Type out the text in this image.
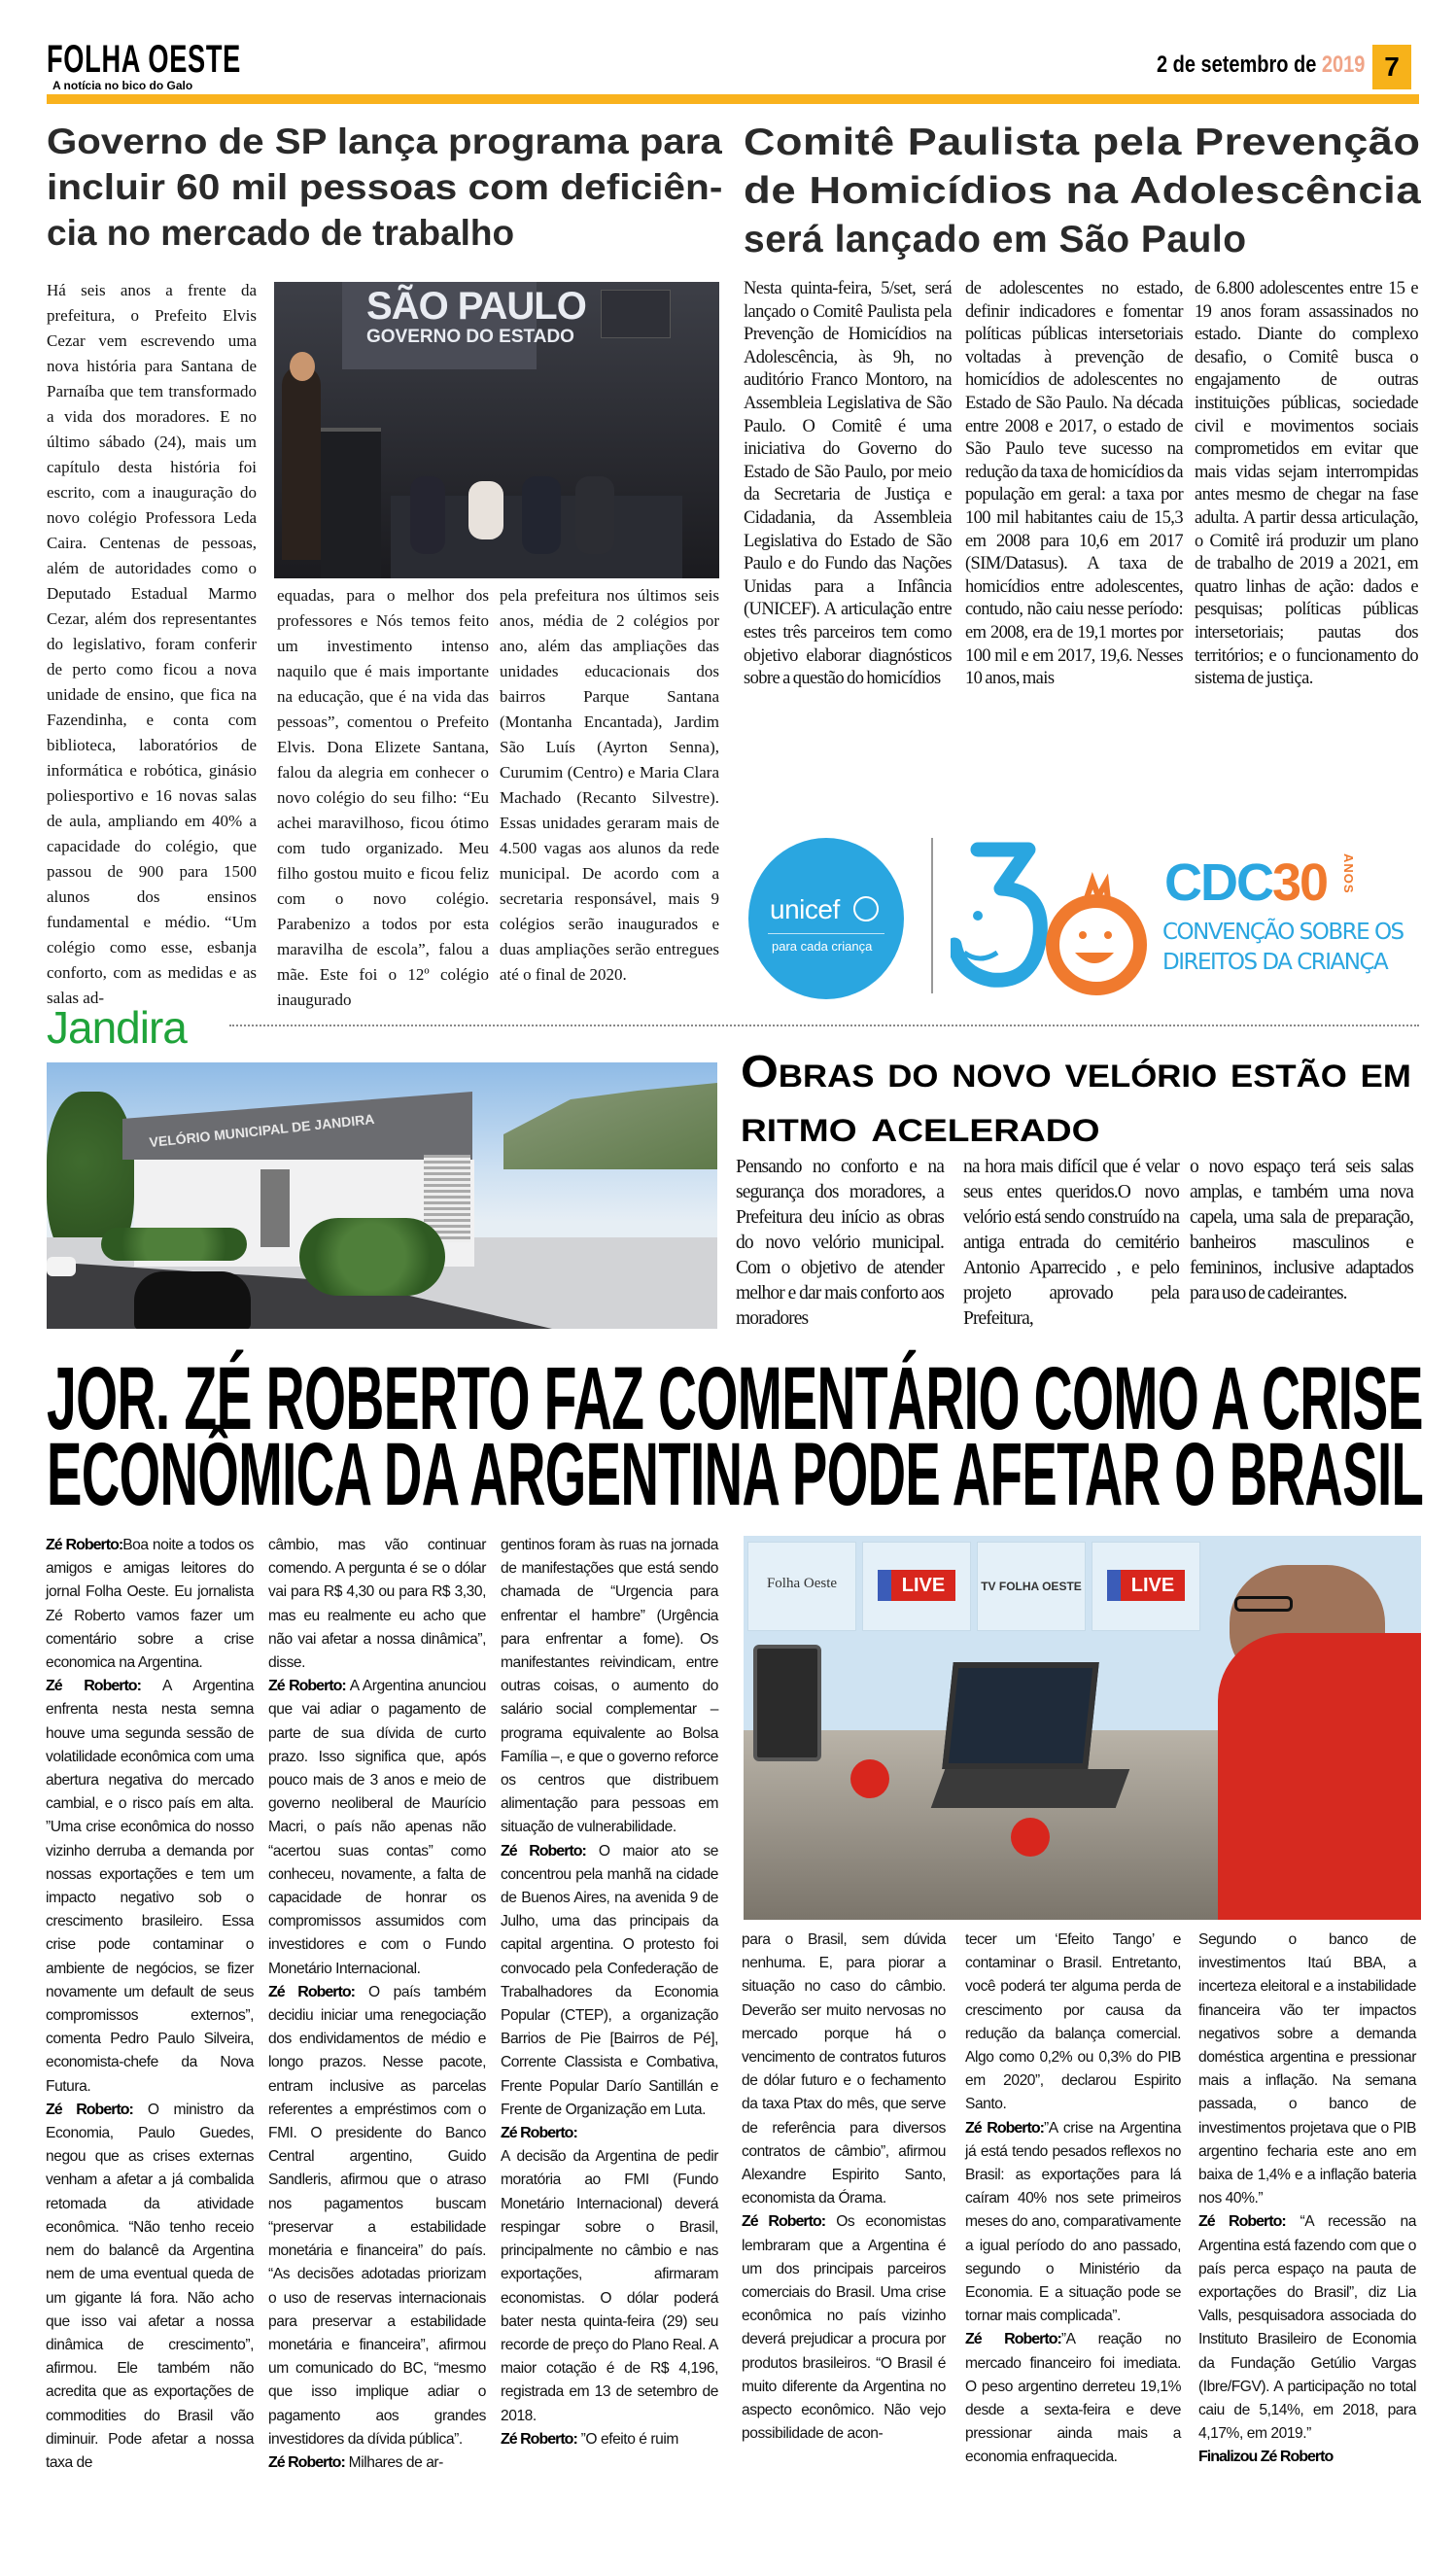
FOLHA OESTE
A notícia no bico do Galo
2 de setembro de 2019 7
Governo de SP lança programa para
incluir 60 mil pessoas com deficiên-
cia no mercado de trabalho
Há seis anos a frente da prefeitura, o Prefeito Elvis Cezar vem escrevendo uma nova história para Santana de Parnaíba que tem transformado a vida dos moradores. E no último sábado (24), mais um capítulo desta história foi escrito, com a inauguração do novo colégio Professora Leda Caira. Centenas de pessoas, além de autoridades como o Deputado Estadual Marmo Cezar, além dos representantes do legislativo, foram conferir de perto como ficou a nova unidade de ensino, que fica na Fazendinha, e conta com biblioteca, laboratórios de informática e robótica, ginásio poliesportivo e 16 novas salas de aula, ampliando em 40% a capacidade do colégio, que passou de 900 para 1500 alunos dos ensinos fundamental e médio. “Um colégio como esse, esbanja conforto, com as medidas e as salas ad-
SÃO PAULO
GOVERNO DO ESTADO
equadas, para o melhor dos professores e Nós temos feito um investimento intenso naquilo que é mais importante na educação, que é na vida das pessoas”, comentou o Prefeito Elvis. Dona Elizete Santana, falou da alegria em conhecer o novo colégio do seu filho: “Eu achei maravilhoso, ficou ótimo com tudo organizado. Meu filho gostou muito e ficou feliz com o novo colégio. Parabenizo a todos por esta maravilha de escola”, falou a mãe. Este foi o 12º colégio inaugurado
pela prefeitura nos últimos seis anos, média de 2 colégios por ano, além das ampliações das unidades educacionais dos bairros Parque Santana (Montanha Encantada), Jardim São Luís (Ayrton Senna), Curumim (Centro) e Maria Clara Machado (Recanto Silvestre). Essas unidades geraram mais de 4.500 vagas aos alunos da rede municipal. De acordo com a secretaria responsável, mais 9 colégios serão inaugurados e duas ampliações serão entregues até o final de 2020.
Comitê Paulista pela Prevenção
de Homicídios na Adolescência
será lançado em São Paulo
Nesta quinta-feira, 5/set, será lançado o Comitê Paulista pela Prevenção de Homicídios na Adolescência, às 9h, no auditório Franco Montoro, na Assembleia Legislativa de São Paulo. O Comitê é uma iniciativa do Governo do Estado de São Paulo, por meio da Secretaria de Justiça e Cidadania, da Assembleia Legislativa do Estado de São Paulo e do Fundo das Nações Unidas para a Infância (UNICEF). A articulação entre estes três parceiros tem como objetivo elaborar diagnósticos sobre a questão do homicídios
de adolescentes no estado, definir indicadores e fomentar políticas públicas intersetoriais voltadas à prevenção de homicídios de adolescentes no Estado de São Paulo. Na década entre 2008 e 2017, o estado de São Paulo teve sucesso na redução da taxa de homicídios da população em geral: a taxa por 100 mil habitantes caiu de 15,3 em 2008 para 10,6 em 2017 (SIM/Datasus). A taxa de homicídios entre adolescentes, contudo, não caiu nesse período: em 2008, era de 19,1 mortes por 100 mil e em 2017, 19,6. Nesses 10 anos, mais
de 6.800 adolescentes entre 15 e 19 anos foram assassinados no estado. Diante do complexo desafio, o Comitê busca o engajamento de outras instituições públicas, sociedade civil e movimentos sociais comprometidos em evitar que mais vidas sejam interrompidas antes mesmo de chegar na fase adulta. A partir dessa articulação, o Comitê irá produzir um plano de trabalho de 2019 a 2021, em quatro linhas de ação: dados e pesquisas; políticas públicas intersetoriais; pautas dos territórios; e o funcionamento do sistema de justiça.
unicef
para cada criança
CDC30 ANOS
CONVENÇÃO SOBRE OS
DIREITOS DA CRIANÇA
Jandira
VELÓRIO MUNICIPAL DE JANDIRA
Obras do novo velório estão em
ritmo acelerado
Pensando no conforto e na segurança dos moradores, a Prefeitura deu início as obras do novo velório municipal. Com o objetivo de atender melhor e dar mais conforto aos moradores
na hora mais difícil que é velar seus entes queridos.O novo velório está sendo construído na antiga entrada do cemitério Antonio Aparrecido , e pelo projeto aprovado pela Prefeitura,
o novo espaço terá seis salas amplas, e também uma nova capela, uma sala de preparação, banheiros masculinos e femininos, inclusive adaptados para uso de cadeirantes.
JOR. ZÉ ROBERTO FAZ COMENTÁRIO COMO A CRISE
ECONÔMICA DA ARGENTINA PODE AFETAR O BRASIL

Zé Roberto:Boa noite a todos os amigos e amigas leitores do jornal Folha Oeste. Eu jornalista Zé Roberto vamos fazer um comentário sobre a crise economica na Argentina.

Zé Roberto: A Argentina enfrenta nesta nesta semna houve uma segunda sessão de volatilidade econômica com uma abertura negativa do mercado cambial, e o risco país em alta. ”Uma crise econômica do nosso vizinho derruba a demanda por nossas exportações e tem um impacto negativo sob o crescimento brasileiro. Essa crise pode contaminar o ambiente de negócios, se fizer novamente um default de seus compromissos externos”, comenta Pedro Paulo Silveira, economista-chefe da Nova Futura.

Zé Roberto: O ministro da Economia, Paulo Guedes, negou que as crises externas venham a afetar a já combalida retomada da atividade econômica. “Não tenho receio nem do balancê da Argentina nem de uma eventual queda de um gigante lá fora. Não acho que isso vai afetar a nossa dinâmica de crescimento”, afirmou. Ele também não acredita que as exportações de commodities do Brasil vão diminuir. Pode afetar a nossa taxa de

câmbio, mas vão continuar comendo. A pergunta é se o dólar vai para R$ 4,30 ou para R$ 3,30, mas eu realmente eu acho que não vai afetar a nossa dinâmica”, disse.

Zé Roberto: A Argentina anunciou que vai adiar o pagamento de parte de sua dívida de curto prazo. Isso significa que, após pouco mais de 3 anos e meio de governo neoliberal de Maurício Macri, o país não apenas não “acertou suas contas” como conheceu, novamente, a falta de capacidade de honrar os compromissos assumidos com investidores e com o Fundo Monetário Internacional.

Zé Roberto: O país também decidiu iniciar uma renegociação dos endividamentos de médio e longo prazos. Nesse pacote, entram inclusive as parcelas referentes a empréstimos com o FMI. O presidente do Banco Central argentino, Guido Sandleris, afirmou que o atraso nos pagamentos buscam “preservar a estabilidade monetária e financeira” do país. “As decisões adotadas priorizam o uso de reservas internacionais para preservar a estabilidade monetária e financeira”, afirmou um comunicado do BC, “mesmo que isso implique adiar o pagamento aos grandes investidores da dívida pública”.

Zé Roberto: Milhares de ar-

gentinos foram às ruas na jornada de manifestações que está sendo chamada de “Urgencia para enfrentar el hambre” (Urgência para enfrentar a fome). Os manifestantes reivindicam, entre outras coisas, o aumento do salário social complementar – programa equivalente ao Bolsa Família –, e que o governo reforce os centros que distribuem alimentação para pessoas em situação de vulnerabilidade.

Zé Roberto: O maior ato se concentrou pela manhã na cidade de Buenos Aires, na avenida 9 de Julho, uma das principais da capital argentina. O protesto foi convocado pela Confederação de Trabalhadores da Economia Popular (CTEP), a organização Barrios de Pie [Bairros de Pé], Corrente Classista e Combativa, Frente Popular Darío Santillán e Frente de Organização em Luta.

Zé Roberto:

A decisão da Argentina de pedir moratória ao FMI (Fundo Monetário Internacional) deverá respingar sobre o Brasil, principalmente no câmbio e nas exportações, afirmaram economistas. O dólar poderá bater nesta quinta-feira (29) seu recorde de preço do Plano Real. A maior cotação é de R$ 4,196, registrada em 13 de setembro de 2018.

Zé Roberto: ”O efeito é ruim

Folha Oeste	LIVE	TV FOLHA OESTE	LIVE

para o Brasil, sem dúvida nenhuma. E, para piorar a situação no caso do câmbio. Deverão ser muito nervosas no mercado porque há o vencimento de contratos futuros de dólar futuro e o fechamento da taxa Ptax do mês, que serve de referência para diversos contratos de câmbio”, afirmou Alexandre Espirito Santo, economista da Órama.

Zé Roberto: Os economistas lembraram que a Argentina é um dos principais parceiros comerciais do Brasil. Uma crise econômica no país vizinho deverá prejudicar a procura por produtos brasileiros. “O Brasil é muito diferente da Argentina no aspecto econômico. Não vejo possibilidade de acon-

tecer um ‘Efeito Tango’ e contaminar o Brasil. Entretanto, você poderá ter alguma perda de crescimento por causa da redução da balança comercial. Algo como 0,2% ou 0,3% do PIB em 2020”, declarou Espirito Santo.

Zé Roberto:”A crise na Argentina já está tendo pesados reflexos no Brasil: as exportações para lá caíram 40% nos sete primeiros meses do ano, comparativamente a igual período do ano passado, segundo o Ministério da Economia. E a situação pode se tornar mais complicada”.

Zé Roberto:”A reação no mercado financeiro foi imediata. O peso argentino derreteu 19,1% desde a sexta-feira e deve pressionar ainda mais a economia enfraquecida.

Segundo o banco de investimentos Itaú BBA, a incerteza eleitoral e a instabilidade financeira vão ter impactos negativos sobre a demanda doméstica argentina e pressionar mais a inflação. Na semana passada, o banco de investimentos projetava que o PIB argentino fecharia este ano em baixa de 1,4% e a inflação bateria nos 40%.”

Zé Roberto: “A recessão na Argentina está fazendo com que o país perca espaço na pauta de exportações do Brasil”, diz Lia Valls, pesquisadora associada do Instituto Brasileiro de Economia da Fundação Getúlio Vargas (Ibre/FGV). A participação no total caiu de 5,14%, em 2018, para 4,17%, em 2019.”

Finalizou Zé Roberto
